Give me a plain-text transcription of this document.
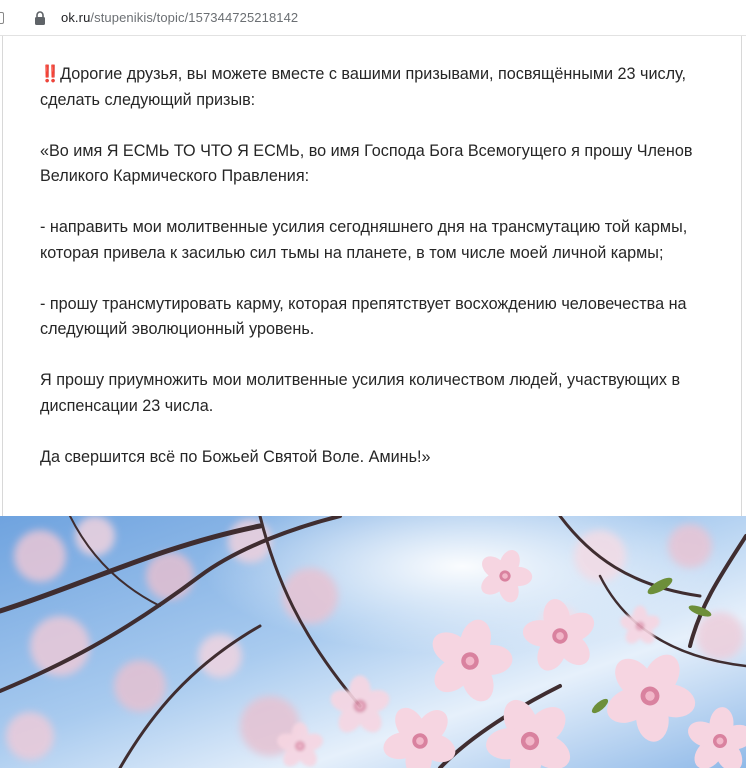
ok.ru/stupenikis/topic/157344725218142

‼️Дорогие друзья, вы можете вместе с вашими призывами, посвящёнными 23 числу, сделать следующий призыв:

«Во имя Я ЕСМЬ ТО ЧТО Я ЕСМЬ, во имя Господа Бога Всемогущего я прошу Членов Великого Кармического Правления:

- направить мои молитвенные усилия сегодняшнего дня на трансмутацию той кармы, которая привела к засилью сил тьмы на планете, в том числе моей личной кармы;

- прошу трансмутировать карму, которая препятствует восхождению человечества на следующий эволюционный уровень.

Я прошу приумножить мои молитвенные усилия количеством людей, участвующих в диспенсации 23 числа.

Да свершится всё по Божьей Святой Воле. Аминь!»
